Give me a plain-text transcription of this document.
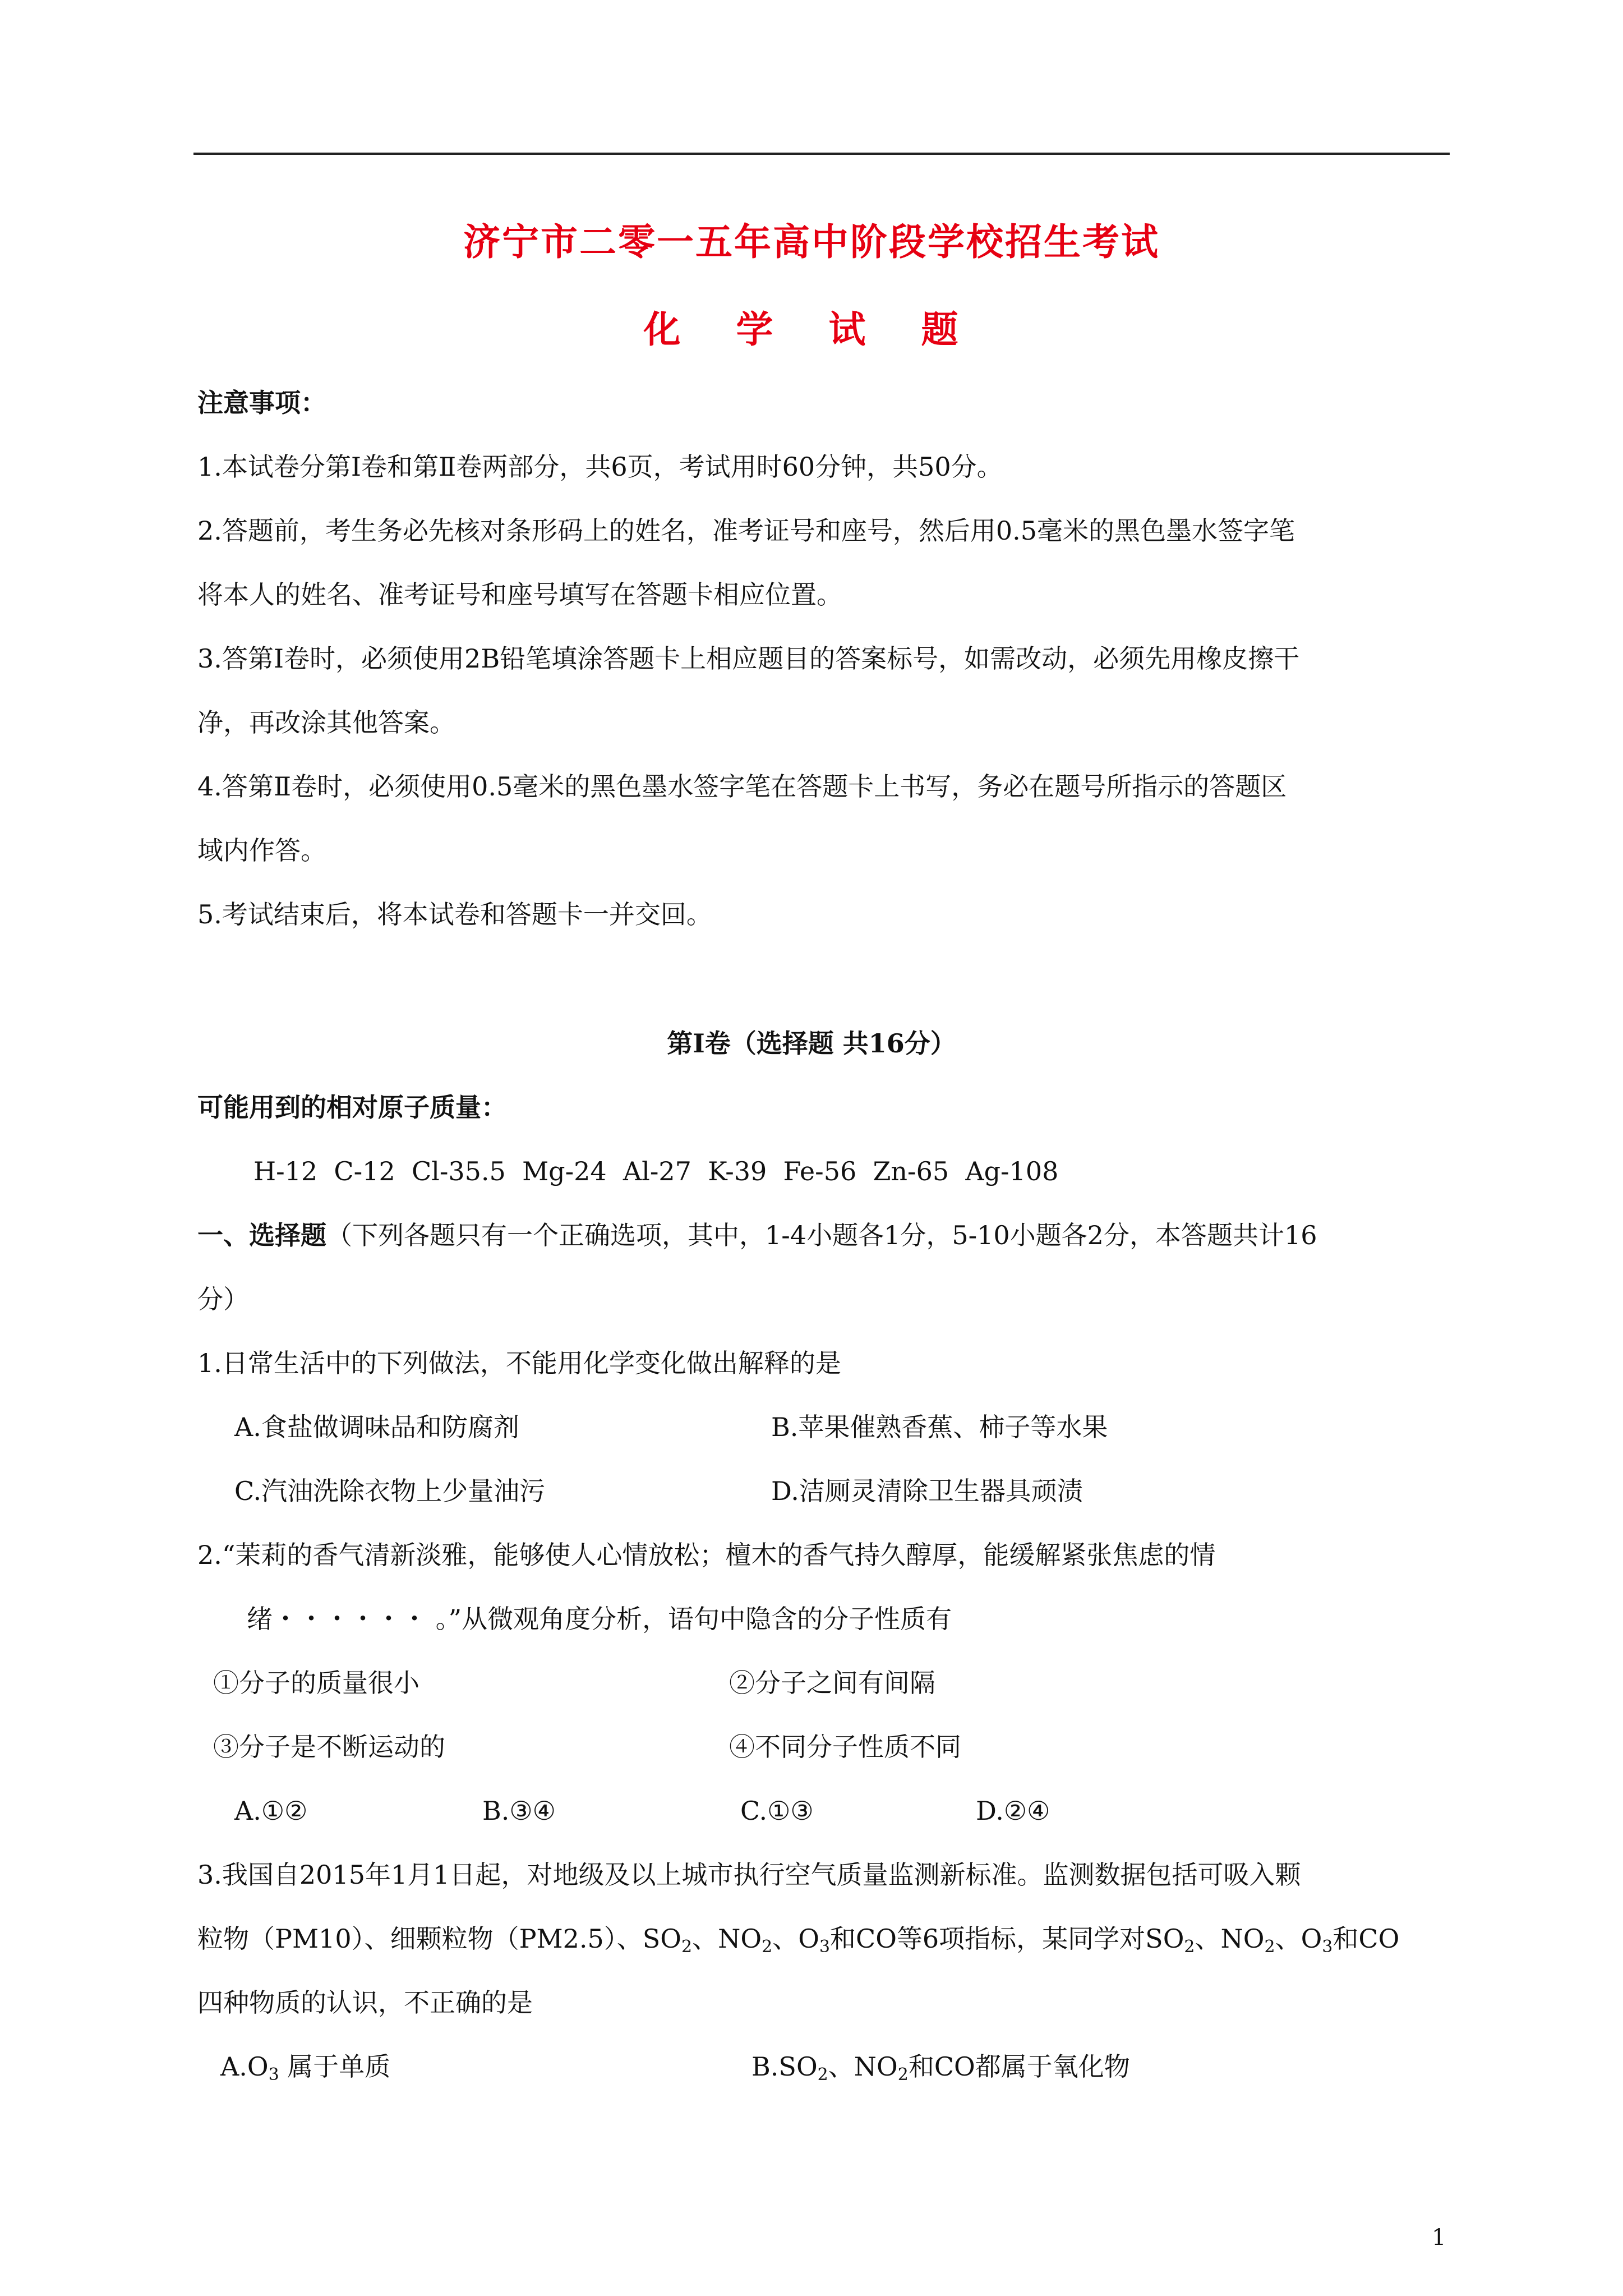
济宁市二零一五年高中阶段学校招生考试
化 学 试 题
注意事项：
1.本试卷分第Ⅰ卷和第Ⅱ卷两部分，共6页，考试用时60分钟，共50分。
2.答题前，考生务必先核对条形码上的姓名，准考证号和座号，然后用0.5毫米的黑色墨水签字笔
将本人的姓名、准考证号和座号填写在答题卡相应位置。
3.答第Ⅰ卷时，必须使用2B铅笔填涂答题卡上相应题目的答案标号，如需改动，必须先用橡皮擦干
净，再改涂其他答案。
4.答第Ⅱ卷时，必须使用0.5毫米的黑色墨水签字笔在答题卡上书写，务必在题号所指示的答题区
域内作答。
5.考试结束后，将本试卷和答题卡一并交回。
第Ⅰ卷（选择题 共16分）
可能用到的相对原子质量：
H-12  C-12  Cl-35.5  Mg-24  Al-27  K-39  Fe-56  Zn-65  Ag-108
一、选择题（下列各题只有一个正确选项，其中，1-4小题各1分，5-10小题各2分，本答题共计16
分）
1.日常生活中的下列做法，不能用化学变化做出解释的是
A.食盐做调味品和防腐剂	B.苹果催熟香蕉、柿子等水果
C.汽油洗除衣物上少量油污	D.洁厕灵清除卫生器具顽渍
2.“茉莉的香气清新淡雅，能够使人心情放松；檀木的香气持久醇厚，能缓解紧张焦虑的情
绪・・・・・・ 。”从微观角度分析，语句中隐含的分子性质有
①分子的质量很小	②分子之间有间隔
③分子是不断运动的	④不同分子性质不同
A.①②	B.③④	C.①③	D.②④
3.我国自2015年1月1日起，对地级及以上城市执行空气质量监测新标准。监测数据包括可吸入颗
粒物（PM10）、细颗粒物（PM2.5）、$SO_2$、$NO_2$、$O_3$和CO等6项指标，某同学对$SO_2$、$NO_2$、$O_3$和CO
四种物质的认识，不正确的是
$A.O_3$ 属于单质	$B.SO_2$、$NO_2$和CO都属于氧化物
1
